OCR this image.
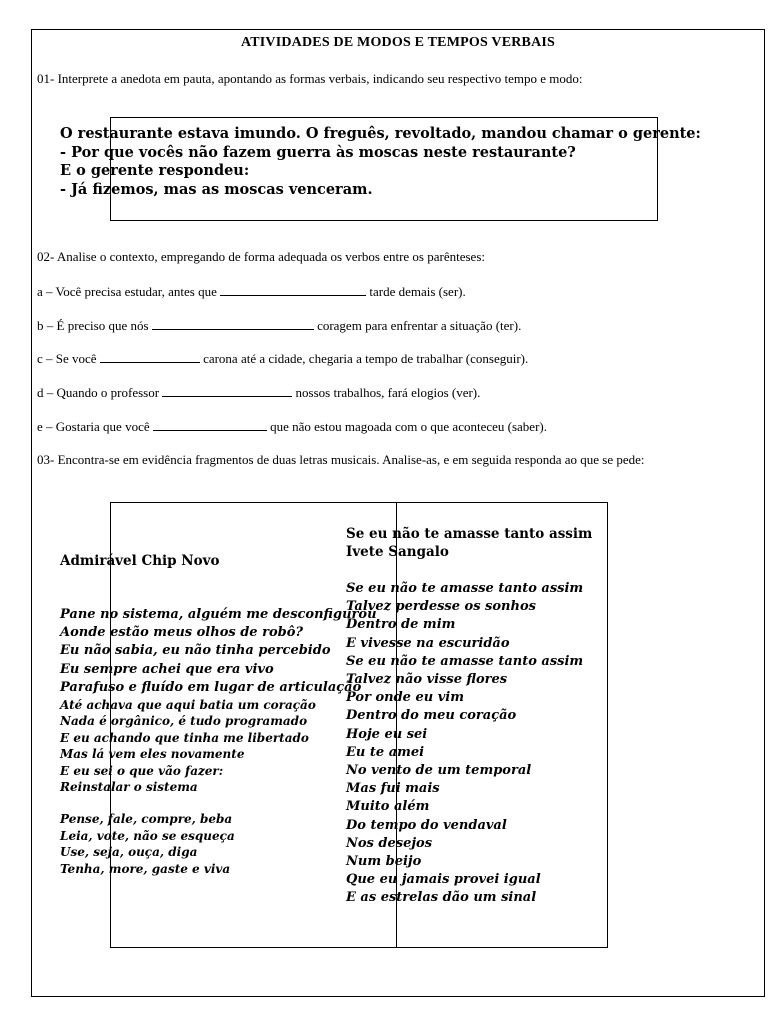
ATIVIDADES DE MODOS E TEMPOS VERBAIS
01- Interprete a anedota em pauta, apontando as formas verbais, indicando seu respectivo tempo e modo:
O restaurante estava imundo. O freguês, revoltado, mandou chamar o gerente:
- Por que vocês não fazem guerra às moscas neste restaurante?
E o gerente respondeu:
- Já fizemos, mas as moscas venceram.
02- Analise o contexto, empregando de forma adequada os verbos entre os parênteses:
a – Você precisa estudar, antes que	tarde demais (ser).
b – É preciso que nós	coragem para enfrentar a situação (ter).
c – Se você	carona até a cidade, chegaria a tempo de trabalhar (conseguir).
d – Quando o professor	nossos trabalhos, fará elogios (ver).
e – Gostaria que você	que não estou magoada com o que aconteceu (saber).
03- Encontra-se em evidência fragmentos de duas letras musicais. Analise-as, e em seguida responda ao que se pede:
Admirável Chip Novo
Pane no sistema, alguém me desconfigurou
Aonde estão meus olhos de robô?
Eu não sabia, eu não tinha percebido
Eu sempre achei que era vivo
Parafuso e fluído em lugar de articulação
Até achava que aqui batia um coração
Nada é orgânico, é tudo programado
E eu achando que tinha me libertado
Mas lá vem eles novamente
E eu sei o que vão fazer:
Reinstalar o sistema
Pense, fale, compre, beba
Leia, vote, não se esqueça
Use, seja, ouça, diga
Tenha, more, gaste e viva
Se eu não te amasse tanto assim
Ivete Sangalo
Se eu não te amasse tanto assim
Talvez perdesse os sonhos
Dentro de mim
E vivesse na escuridão
Se eu não te amasse tanto assim
Talvez não visse flores
Por onde eu vim
Dentro do meu coração
Hoje eu sei
Eu te amei
No vento de um temporal
Mas fui mais
Muito além
Do tempo do vendaval
Nos desejos
Num beijo
Que eu jamais provei igual
E as estrelas dão um sinal
